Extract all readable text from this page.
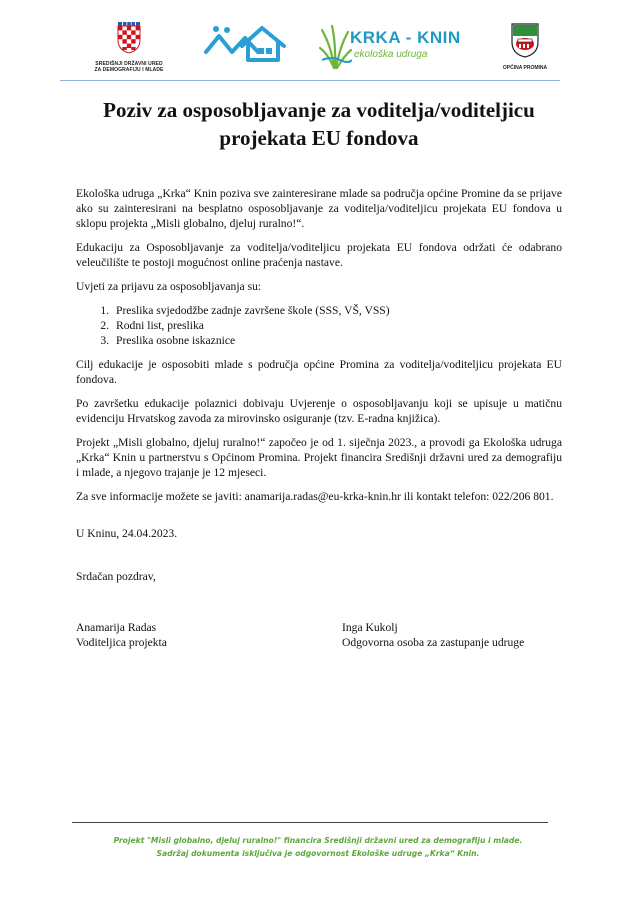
SREDIŠNJI DRŽAVNI URED
ZA DEMOGRAFIJU I MLADE
KRKA - KNIN
ekološka udruga
OPĆINA PROMINA
Poziv za osposobljavanje za voditelja/voditeljicu projekata EU fondova

Ekološka udruga „Krka“ Knin poziva sve zainteresirane mlade sa područja općine Promine da se prijave ako su zainteresirani na besplatno osposobljavanje za voditelja/voditeljicu projekata EU fondova u sklopu projekta „Misli globalno, djeluj ruralno!“.

Edukaciju za Osposobljavanje za voditelja/voditeljicu projekata EU fondova održati će odabrano veleučilište te postoji mogućnost online praćenja nastave.

Uvjeti za prijavu za osposobljavanja su:

1. Preslika svjedodžbe zadnje završene škole (SSS, VŠ, VSS)
2. Rodni list, preslika
3. Preslika osobne iskaznice

Cilj edukacije je osposobiti mlade s područja općine Promina za voditelja/voditeljicu projekata EU fondova.

Po završetku edukacije polaznici dobivaju Uvjerenje o osposobljavanju koji se upisuje u matičnu evidenciju Hrvatskog zavoda za mirovinsko osiguranje (tzv. E-radna knjižica).

Projekt „Misli globalno, djeluj ruralno!“ započeo je od 1. siječnja 2023., a provodi ga Ekološka udruga „Krka“ Knin u partnerstvu s Općinom Promina. Projekt financira Središnji državni ured za demografiju i mlade, a njegovo trajanje je 12 mjeseci.

Za sve informacije možete se javiti: anamarija.radas@eu-krka-knin.hr ili kontakt telefon: 022/206 801.

U Kninu, 24.04.2023.
Srdačan pozdrav,
Anamarija Radas
Voditeljica projekta
Inga Kukolj
Odgovorna osoba za zastupanje udruge
Projekt "Misli globalno, djeluj ruralno!" financira Središnji državni ured za demografiju i mlade.
Sadržaj dokumenta isključiva je odgovornost Ekološke udruge „Krka“ Knin.
